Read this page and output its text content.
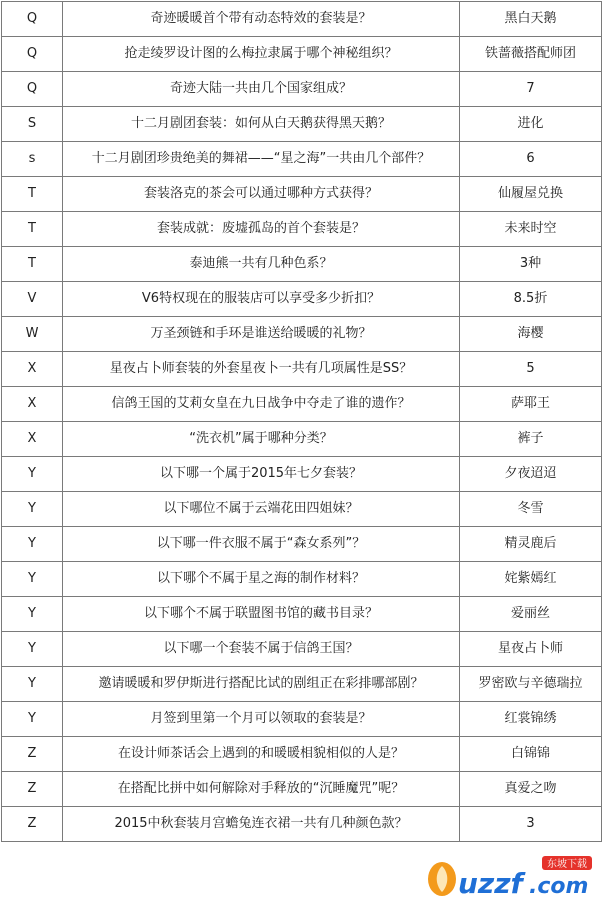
Q	奇迹暖暖首个带有动态特效的套装是？	黑白天鹅
Q	抢走绫罗设计图的么梅拉隶属于哪个神秘组织？	铁蔷薇搭配师团
Q	奇迹大陆一共由几个国家组成？	7
S	十二月剧团套装：如何从白天鹅获得黑天鹅？	进化
s	十二月剧团珍贵绝美的舞裙——“星之海”一共由几个部件？	6
T	套装洛克的茶会可以通过哪种方式获得？	仙履屋兑换
T	套装成就：废墟孤岛的首个套装是？	未来时空
T	泰迪熊一共有几种色系？	3种
V	V6特权现在的服装店可以享受多少折扣？	8.5折
W	万圣颈链和手环是谁送给暖暖的礼物？	海樱
X	星夜占卜师套装的外套星夜卜一共有几项属性是SS？	5
X	信鸽王国的艾莉女皇在九日战争中夺走了谁的遗作？	萨耶王
X	“洗衣机”属于哪种分类？	裤子
Y	以下哪一个属于2015年七夕套装？	夕夜迢迢
Y	以下哪位不属于云端花田四姐妹？	冬雪
Y	以下哪一件衣服不属于“森女系列”？	精灵鹿后
Y	以下哪个不属于星之海的制作材料？	姹紫嫣红
Y	以下哪个不属于联盟图书馆的藏书目录？	爱丽丝
Y	以下哪一个套装不属于信鸽王国？	星夜占卜师
Y	邀请暖暖和罗伊斯进行搭配比试的剧组正在彩排哪部剧？	罗密欧与辛德瑞拉
Y	月签到里第一个月可以领取的套装是？	红裳锦绣
Z	在设计师茶话会上遇到的和暖暖相貌相似的人是？	白锦锦
Z	在搭配比拼中如何解除对手释放的“沉睡魔咒”呢？	真爱之吻
Z	2015中秋套装月宫蟾兔连衣裙一共有几种颜色款？	3
东坡下载
uzzf .com
